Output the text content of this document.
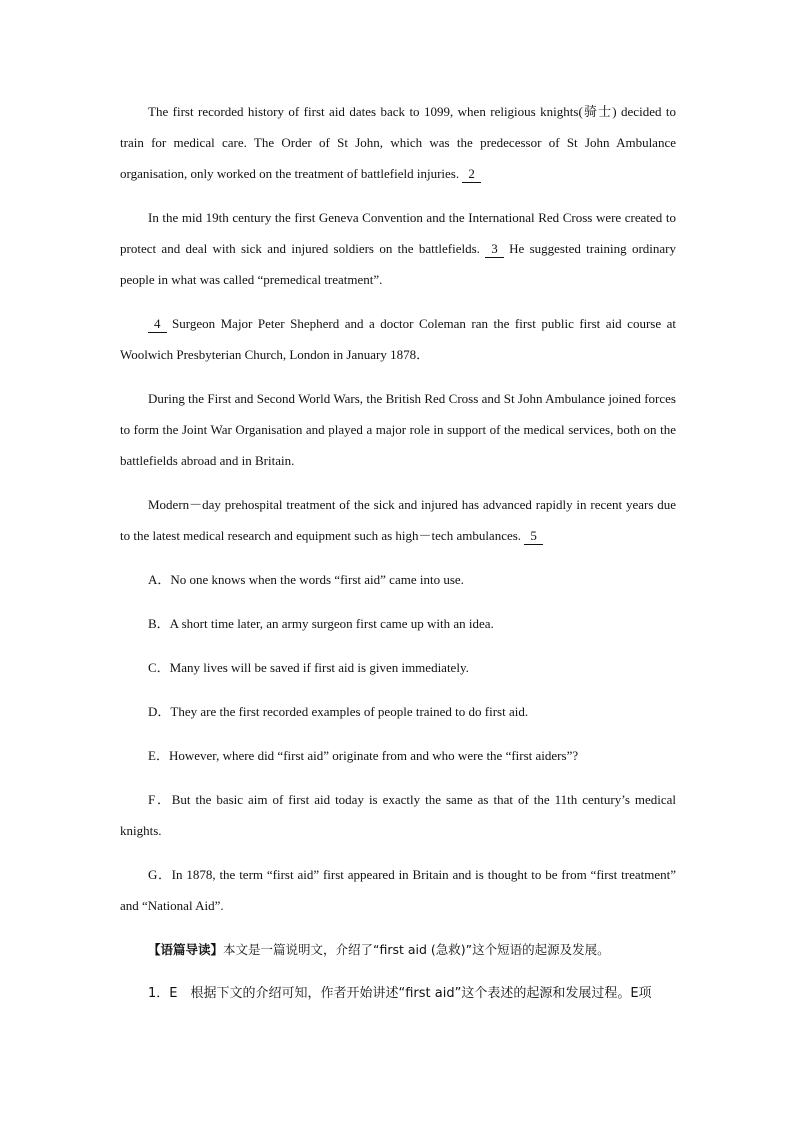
The first recorded history of first aid dates back to 1099, when religious knights(骑士) decided to train for medical care. The Order of St John, which was the predecessor of St John Ambulance organisation, only worked on the treatment of battlefield injuries. 2

In the mid 19th century the first Geneva Convention and the International Red Cross were created to protect and deal with sick and injured soldiers on the battlefields. 3 He suggested training ordinary people in what was called “premedical treatment”.

4 Surgeon Major Peter Shepherd and a doctor Coleman ran the first public first aid course at Woolwich Presbyterian Church, London in January 1878．

During the First and Second World Wars, the British Red Cross and St John Ambulance joined forces to form the Joint War Organisation and played a major role in support of the medical services, both on the battlefields abroad and in Britain.

Modern－day prehospital treatment of the sick and injured has advanced rapidly in recent years due to the latest medical research and equipment such as high－tech ambulances. 5

A．No one knows when the words “first aid” came into use.

B．A short time later, an army surgeon first came up with an idea.

C．Many lives will be saved if first aid is given immediately.

D．They are the first recorded examples of people trained to do first aid.

E．However, where did “first aid” originate from and who were the “first aiders”?

F．But the basic aim of first aid today is exactly the same as that of the 11th century’s medical knights.

G．In 1878, the term “first aid” first appeared in Britain and is thought to be from “first treatment” and “National Aid”.

【语篇导读】本文是一篇说明文，介绍了“first aid (急救)”这个短语的起源及发展。

1．E　根据下文的介绍可知，作者开始讲述“first aid”这个表述的起源和发展过程。E项
